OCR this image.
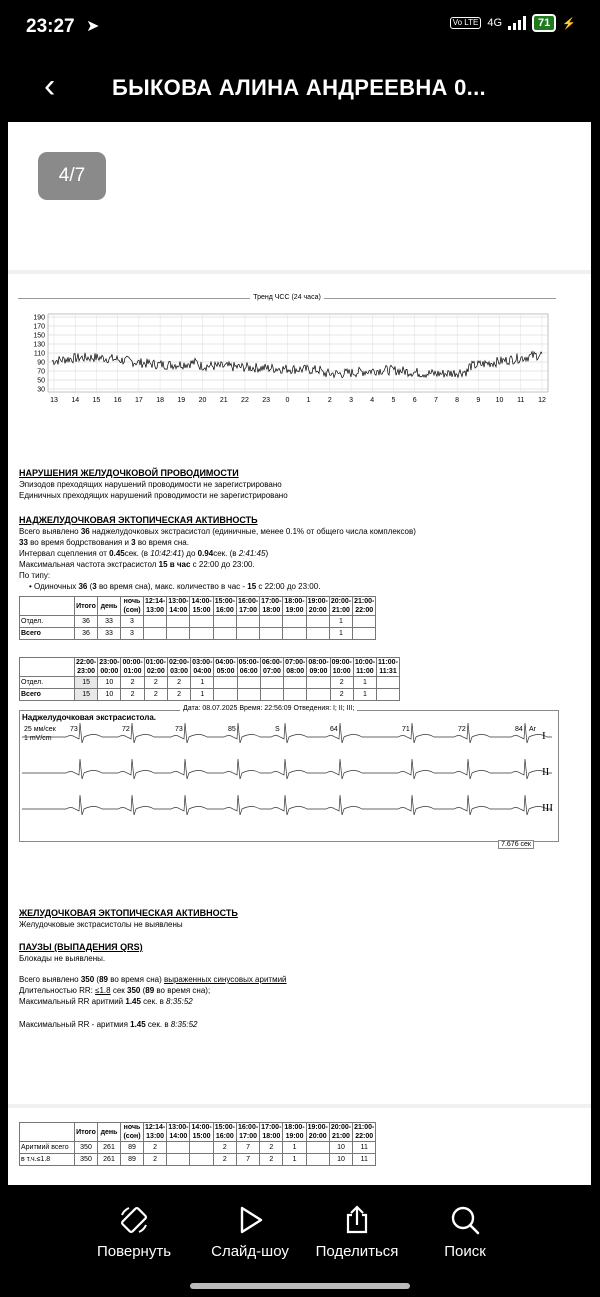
23:27 ➤	Vo LTE 4G	71	⚡
‹	БЫКОВА АЛИНА АНДРЕЕВНА 0...
4/7
Тренд ЧСС (24 часа)
190
170
150
130
110
90
70
50
30
13 14 15 16 17 18 19 20 21 22 23 0 1 2 3 4 5 6 7 8 9 10 11 12
НАРУШЕНИЯ ЖЕЛУДОЧКОВОЙ ПРОВОДИМОСТИ
Эпизодов преходящих нарушений проводимости не зарегистрировано
Единичных преходящих нарушений проводимости не зарегистрировано
НАДЖЕЛУДОЧКОВАЯ ЭКТОПИЧЕСКАЯ АКТИВНОСТЬ
Всего выявлено 36 наджелудочковых экстрасистол (единичные, менее 0.1% от общего числа комплексов)
33 во время бодрствования и 3 во время сна.
Интервал сцепления от 0.45сек. (в 10:42:41) до 0.94сек. (в 2:41:45)
Максимальная частота экстрасистол 15 в час с 22:00 до 23:00.
По типу:
• Одиночных 36 (3 во время сна), макс. количество в час - 15 с 22:00 до 23:00.
	Итого	день	ночь (сон)	12:14- 13:00	13:00- 14:00	14:00- 15:00	15:00- 16:00	16:00- 17:00	17:00- 18:00	18:00- 19:00	19:00- 20:00	20:00- 21:00	21:00- 22:00
Отдел.	36	33	3									1	
Всего	36	33	3									1	
	22:00- 23:00	23:00- 00:00	00:00- 01:00	01:00- 02:00	02:00- 03:00	03:00- 04:00	04:00- 05:00	05:00- 06:00	06:00- 07:00	07:00- 08:00	08:00- 09:00	09:00- 10:00	10:00- 11:00	11:00- 11:31
Отдел.	15	10	2	2	2	1						2	1	
Всего	15	10	2	2	2	1						2	1	
Наджелудочковая экстрасистола.
Дата: 08.07.2025 Время: 22:56:09 Отведения: I; II; III;
25 мм/сек
1 mV/cm	I
II
III
73	72	73	85	S	64	71	72	84 Ar
7.676 сек
ЖЕЛУДОЧКОВАЯ ЭКТОПИЧЕСКАЯ АКТИВНОСТЬ
Желудочковые экстрасистолы не выявлены
ПАУЗЫ (ВЫПАДЕНИЯ QRS)
Блокады не выявлены.
Всего выявлено 350 (89 во время сна) выраженных синусовых аритмий
Длительностью RR: ≤1.8 сек 350 (89 во время сна);
Максимальный RR аритмий 1.45 сек. в 8:35:52
Максимальный RR - аритмия 1.45 сек. в 8:35:52
	Итого	день	ночь (сон)	12:14- 13:00	13:00- 14:00	14:00- 15:00	15:00- 16:00	16:00- 17:00	17:00- 18:00	18:00- 19:00	19:00- 20:00	20:00- 21:00	21:00- 22:00
Аритмий всего	350	261	89	2			2	7	2	1		10	11
в т.ч.≤1.8	350	261	89	2			2	7	2	1		10	11
Повернуть	Слайд-шоу	Поделиться	Поиск
